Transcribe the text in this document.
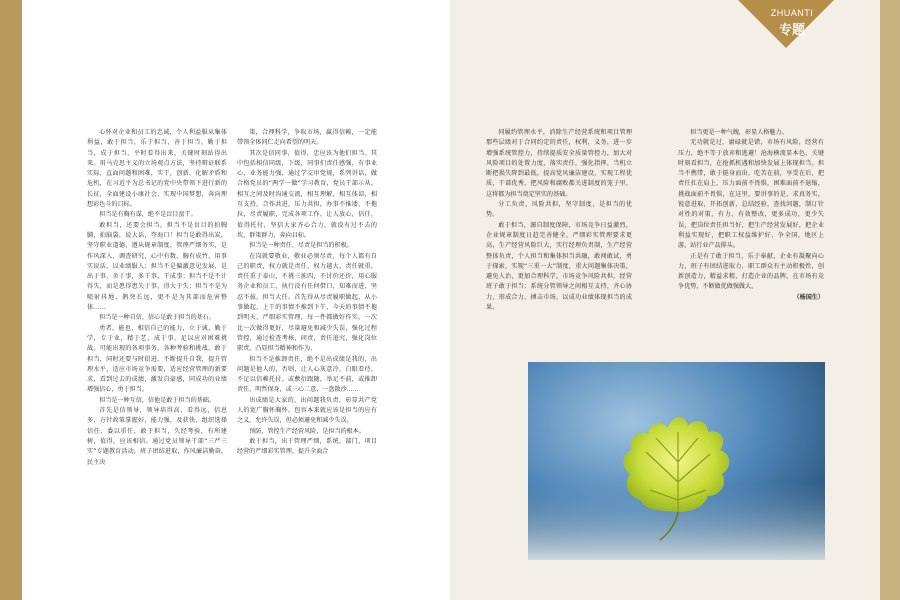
ZHUANTI
专题

心怀对企业和员工的忠诚，个人利益服从集体利益，敢于担当，乐于担当，善于担当，勤于担当，成于担当，平时看得出来，关键时刻站得出来。用马克思主义的立场观点方法，坚持辩证联系实际，直面问题和困难，实干，创新，化解矛盾和危机，在习近平为总书记的党中央带领下进行新的长征，全面建设小康社会，实现中国梦想，奔向理想彩色斗的目标。

担当是有胸有谋，绝不是盲目蛮干。

敢担当，还要会担当。担当不是盲目的拍胸脯，拍脑袋，说大话，夸海口！担当是敢得出炭，坚守职业道德，遵从规章制度，管理严细务实，是作风深入，调查研究，心中有数，胸有成竹，用事实说话，以业绩服人；担当不是偏激意见发展，是出于事，舍于事，多干事，干成事；担当不是不计得失，而是患得患失于事，得大于失；担当不是为喷射抖地，鹊突长远，更不是为其部而危害整体……

担当是一种自信，信心是敢于担当的基石。

勇者，能也，相信自己的能力，立于诚，勤于学，专于业，精于艺，成于事，足以应对困难挑战。可能出现的各项事务，各种考验和挑战，敢于担当，同时还要与时俱进，不断提升自我，提升管理水平，适应市场竞争需要，适应经营管理的新要求，看到过去的成绩，激发自豪感，同成功的业绩增强信心，勇于担当。

担当是一种互信，信他是敢于担当的基础。

首先是信领导，领导培得高，看得远，信息多，方针政策掌握好，能力强，及获快，组织选择信任，委以重任，敢于担当，久经考验，有所建树，值得，应该相信。通过党员领导干部“三严三实”专题教育活动，班子团结进取，作风廉洁勤奋，民主决

策，合理科学，争取市场，赢得信赖，一定能带领全体同仁走向希望的明天。

其次是信同事，值得，忠应该为他们担当。其中包括相信同级，下级，同事们责任感强，有事业心，业务能力强，通过学交审党规，系列讲话，做合格党员的“两学一做”学习教育，党员干部示从，相互之间及时沟通交流，相互理解，相互体谅，相互支持，合作共进，压力共担，办事不推诿，不拖拉，尽责履职，完成各项工作，让人放心，信任，值得托付，坚信大家齐心合力，就没有过不去的坎，群策群力，奔向目标。

担当是一种责任，尽责是担当的积极。

在岗就要敬业，敬业必须尽责，每个人都有自己的职责，权力就是责任，权力越大，责任就重，责任重于泰山，不挑三拣四，不讨价还价，用心服务企业和员工，执行没有任何借口，知难而进，坚忍不拔，担当大任。首先得从尽责履职做起，从小事做起，上干的事情不推到下午，今天的事情不拖到明天，严细彩实管理，每一件都做好作实。一次比一次做得更好，尽量避免和减少失误，强化过程管控，通过检查考核，问责，责任追究，强化岗位职责，凸显担当精神和作为。

担当不是推卸责任，绝不是出成绩是我的，出问题是他人的，否则，让人心灰意冷，白眼看待，不足以信赖托付。或敷衍跟随，举足不前，或推卸责任，明哲保身，或三心二意，一盘散沙……

出成绩是大家的，出问题我负责，彰显共产党人的宽广胸怀胸怀，包容本来就应该是担当的应有之义，允许失误，但必须避免和减少失误。

预防，管控生产经营风险，是担当的根本。

敢于担当，出于管理严细，系统，部门，项目经营的严细彩实管理，提升全面合

同履约管理水平，消除生产经营系统和项目管理那些层级对于合同约定的责任，权利，义务，进一步增强系统管控力，持续提质安全质量管控力，加大对风险项目的处置力度，落实责任，强化指挥，当机立断把损失降到最低，提高党风廉洁建设，实现工程优质，干部优秀，把风险和腐败都关进制度的笼子里，这将都为担当奠定坚实的基础。

分工负责，风险共担，坚守制度，是担当的优势。

敢于担当，源自制度保障，市场竞争日益激烈，企业规章制度日趋完善健全，严细彩实管理要求更高，生产经营风险巨大，实行经理负责制，生产经营整体负责，个人担当和集体担当共融，敢闯敢试，勇于探索，实现“三重一大”制度，重大问题集体决策，避免人治，更加合理科学，市场竞争风险共担，经营班子敢于担当；系统分管领导之间相互支持，齐心协力，形成合力，搏击市场，以成功业绩体现担当的成果。

担当更是一种气魄，彰显人格魅力。

无功就是过，庸碌就是错，市场有风险，经营有压力，绝不等于放弃和逃避！沧海横流显本色，关键时刻看担当，在抢抓机遇和加快发展上体现担当。担当不携带，敢于挺身而出，吃苦在前，享受在后，把责任扛在肩上，压力面前不畏惧，困难面前不退缩，挑战面前不畏惧，在这里，要讲事的是，求真务实，锐意进取，开拓创新，总结经验，查找问题，制订针对性的对策，有力，有效整改，更多成功，更少失误，把岗位责任担当好，把生产经营发展好，把企业利益实现好，把职工权益维护好，争全国，地区上游，站行业产品排头。

正是有了敢于担当，乐于奉献，企业有凝聚向心力，班子有团结进取力，职工群众有主动积极性，创新创造力，精益求精，打造企业的品牌，在市场有竞争优势，不断做优做强做大。

（杨国生）
